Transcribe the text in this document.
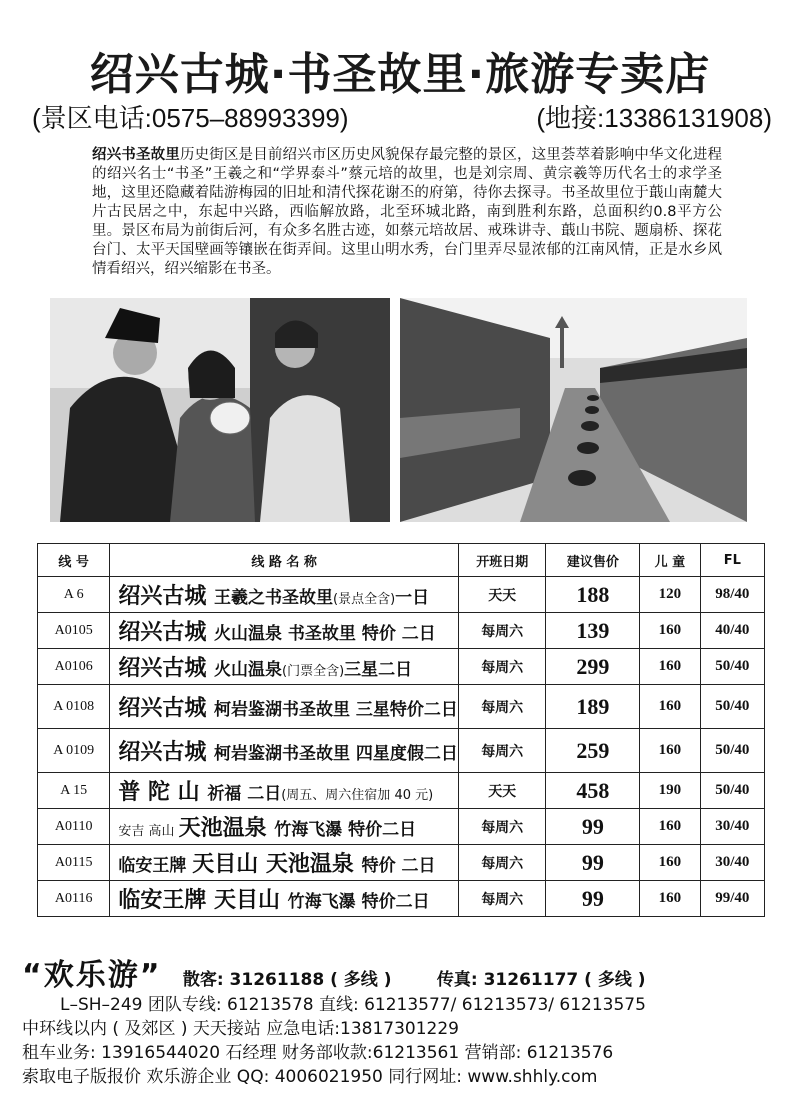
绍兴古城·书圣故里·旅游专卖店
(景区电话:0575–88993399)	(地接:13386131908)
绍兴书圣故里历史街区是目前绍兴市区历史风貌保存最完整的景区，这里荟萃着影响中华文化进程的绍兴名士“书圣”王羲之和“学界泰斗”蔡元培的故里，也是刘宗周、黄宗羲等历代名士的求学圣地，这里还隐藏着陆游梅园的旧址和清代探花谢丕的府第，待你去探寻。书圣故里位于蕺山南麓大片古民居之中，东起中兴路，西临解放路，北至环城北路，南到胜利东路，总面积约0.8平方公里。景区布局为前街后河，有众多名胜古迹，如蔡元培故居、戒珠讲寺、蕺山书院、题扇桥、探花台门、太平天国壁画等镶嵌在街弄间。这里山明水秀，台门里弄尽显浓郁的江南风情，正是水乡风情看绍兴，绍兴缩影在书圣。
线 号	线 路 名 称	开班日期	建议售价	儿 童	FL
A 6	绍兴古城 王羲之书圣故里(景点全含)一日	天天	188	120	98/40
A0105	绍兴古城 火山温泉 书圣故里 特价 二日	每周六	139	160	40/40
A0106	绍兴古城 火山温泉(门票全含)三星二日	每周六	299	160	50/40
A 0108	绍兴古城 柯岩鉴湖书圣故里 三星特价二日	每周六	189	160	50/40
A 0109	绍兴古城 柯岩鉴湖书圣故里 四星度假二日	每周六	259	160	50/40
A 15	普 陀 山 祈福 二日(周五、周六住宿加 40 元)	天天	458	190	50/40
A0110	安吉 高山 天池温泉 竹海飞瀑 特价二日	每周六	99	160	30/40
A0115	临安王牌 天目山 天池温泉 特价 二日	每周六	99	160	30/40
A0116	临安王牌 天目山 竹海飞瀑 特价二日	每周六	99	160	99/40
“欢乐游” 散客: 31261188 ( 多线 )	传真: 31261177 ( 多线 )
L–SH–249 团队专线: 61213578 直线: 61213577/ 61213573/ 61213575
中环线以内 ( 及郊区 ) 天天接站 应急电话:13817301229
租车业务: 13916544020 石经理 财务部收款:61213561 营销部: 61213576
索取电子版报价 欢乐游企业 QQ: 4006021950 同行网址: www.shhly.com
